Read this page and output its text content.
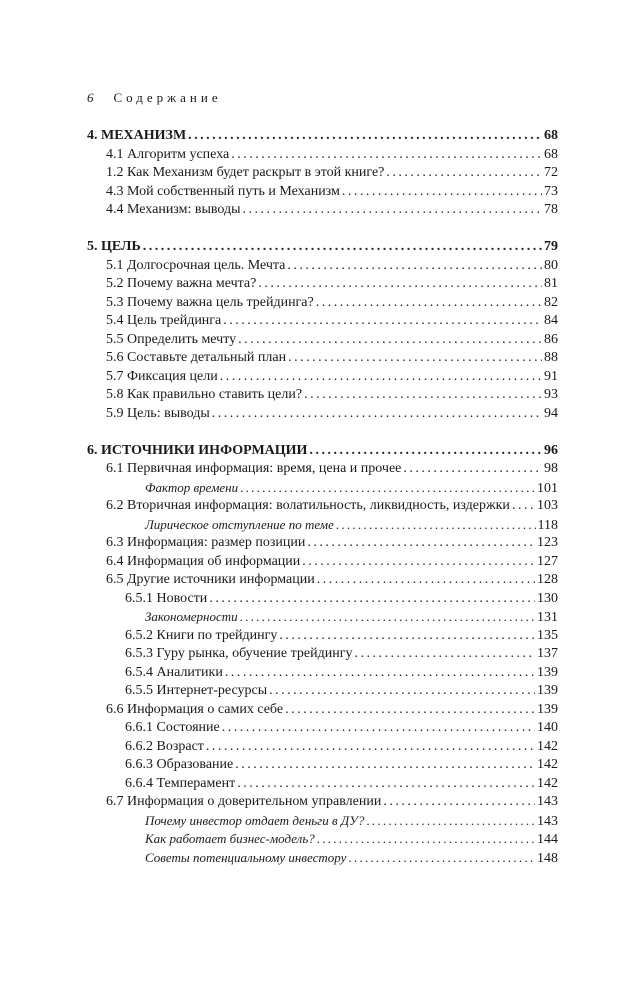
6 Содержание
4. МЕХАНИЗМ . . .	68
4.1 Алгоритм успеха . . .	68
1.2 Как Механизм будет раскрыт в этой книге? . . .	72
4.3 Мой собственный путь и Механизм . . .	73
4.4 Механизм: выводы . . .	78
5. ЦЕЛЬ . . .	79
5.1 Долгосрочная цель. Мечта . . .	80
5.2 Почему важна мечта? . . .	81
5.3 Почему важна цель трейдинга? . . .	82
5.4 Цель трейдинга . . .	84
5.5 Определить мечту . . .	86
5.6 Составьте детальный план . . .	88
5.7 Фиксация цели . . .	91
5.8 Как правильно ставить цели? . . .	93
5.9 Цель: выводы . . .	94
6. ИСТОЧНИКИ ИНФОРМАЦИИ . . .	96
6.1 Первичная информация: время, цена и прочее . . .	98
Фактор времени . . .	101
6.2 Вторичная информация: волатильность, ликвидность, издержки . . . 103
Лирическое отступление по теме . . .	118
6.3 Информация: размер позиции . . .	123
6.4 Информация об информации . . .	127
6.5 Другие источники информации . . .	128
6.5.1 Новости . . .	130
Закономерности . . .	131
6.5.2 Книги по трейдингу . . .	135
6.5.3 Гуру рынка, обучение трейдингу . . .	137
6.5.4 Аналитики . . .	139
6.5.5 Интернет-ресурсы . . .	139
6.6 Информация о самих себе . . .	139
6.6.1 Состояние . . .	140
6.6.2 Возраст . . .	142
6.6.3 Образование . . .	142
6.6.4 Темперамент . . .	142
6.7 Информация о доверительном управлении . . .	143
Почему инвестор отдает деньги в ДУ? . . .	143
Как работает бизнес-модель? . . .	144
Советы потенциальному инвестору . . .	148
